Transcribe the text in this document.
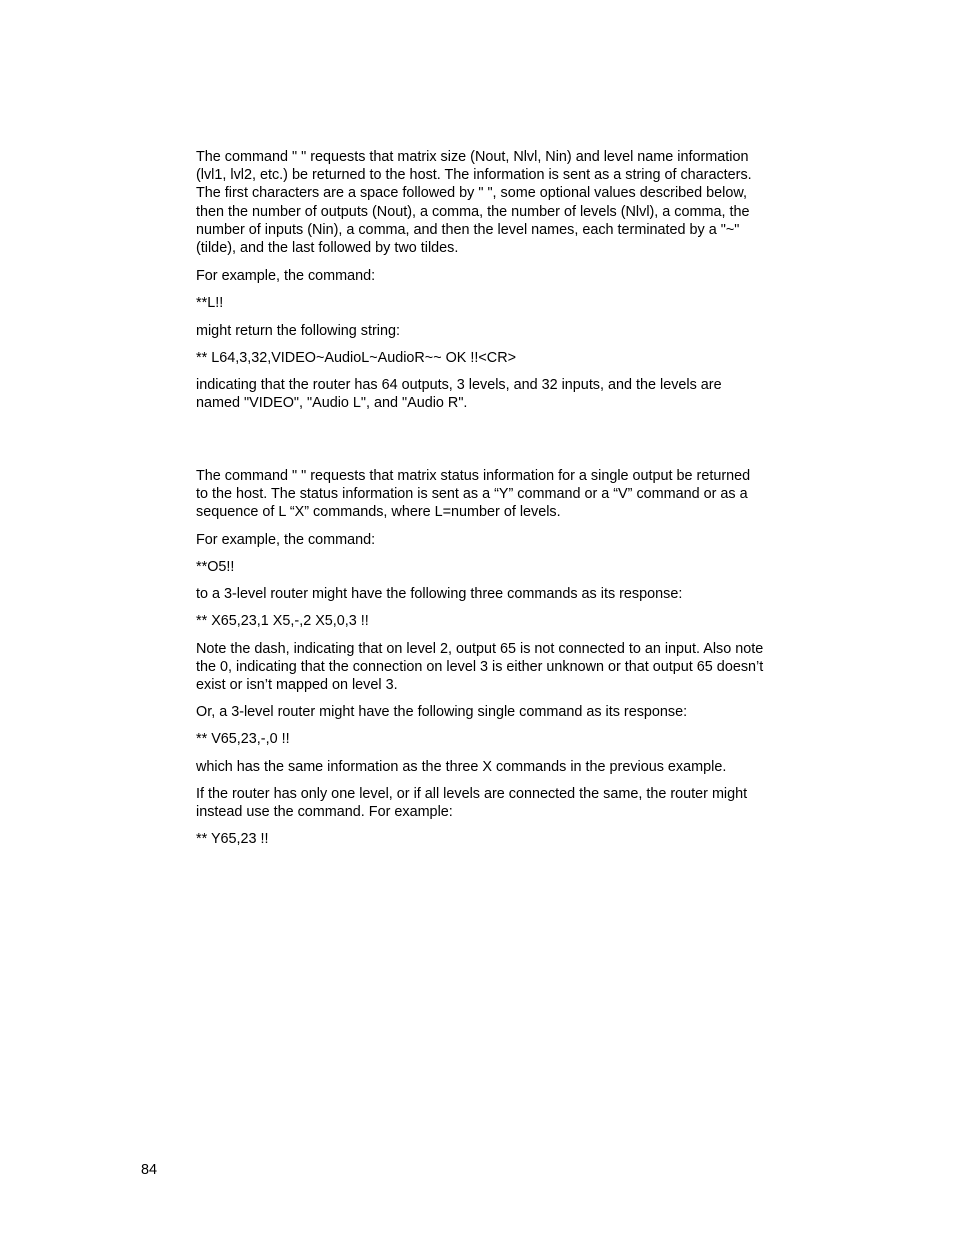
The command " " requests that matrix size (Nout, Nlvl, Nin) and level name information
(lvl1, lvl2, etc.) be returned to the host. The information is sent as a string of characters.
The first characters are a space followed by " ", some optional values described below,
then the number of outputs (Nout), a comma, the number of levels (Nlvl), a comma, the
number of inputs (Nin), a comma, and then the level names, each terminated by a "~"
(tilde), and the last followed by two tildes.

For example, the command:

**L!!

might return the following string:

** L64,3,32,VIDEO~AudioL~AudioR~~ OK !!<CR>

indicating that the router has 64 outputs, 3 levels, and 32 inputs, and the levels are
named "VIDEO", "Audio L", and "Audio R".

The command " " requests that matrix status information for a single output be returned
to the host. The status information is sent as a “Y” command or a “V” command or as a
sequence of L “X” commands, where L=number of levels.

For example, the command:

**O5!!

to a 3-level router might have the following three commands as its response:

** X65,23,1 X5,-,2 X5,0,3 !!

Note the dash, indicating that on level 2, output 65 is not connected to an input. Also note
the 0, indicating that the connection on level 3 is either unknown or that output 65 doesn’t
exist or isn’t mapped on level 3.

Or, a 3-level router might have the following single command as its response:

** V65,23,-,0 !!

which has the same information as the three X commands in the previous example.

If the router has only one level, or if all levels are connected the same, the router might
instead use the command. For example:

** Y65,23 !!

84
